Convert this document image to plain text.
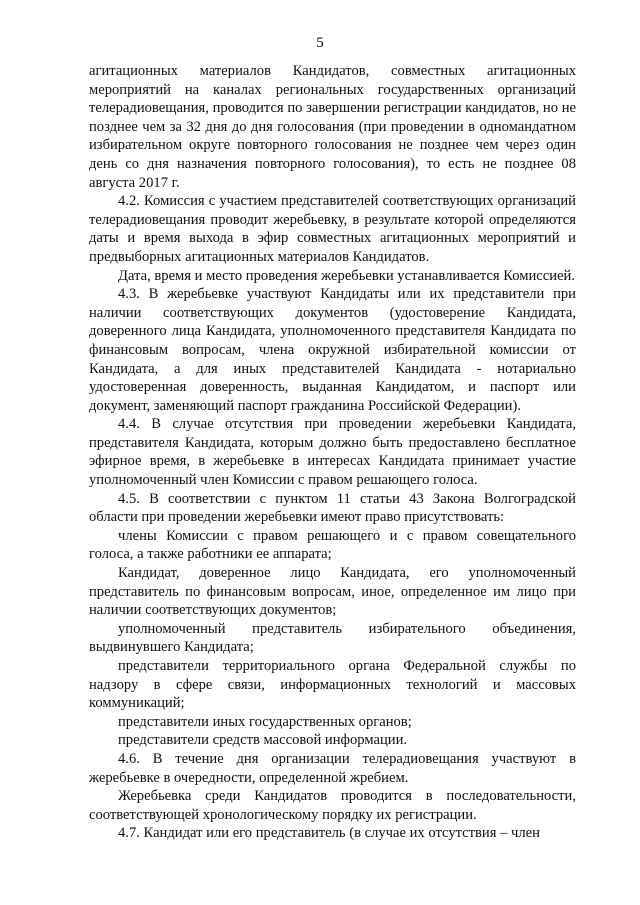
5

агитационных материалов Кандидатов, совместных агитационных мероприятий на каналах региональных государственных организаций телерадиовещания, проводится по завершении регистрации кандидатов, но не позднее чем за 32 дня до дня голосования (при проведении в одномандатном избирательном округе повторного голосования не позднее чем через один день со дня назначения повторного голосования), то есть не позднее 08 августа 2017 г.

4.2. Комиссия с участием представителей соответствующих организаций телерадиовещания проводит жеребьевку, в результате которой определяются даты и время выхода в эфир совместных агитационных мероприятий и предвыборных агитационных материалов Кандидатов.

Дата, время и место проведения жеребьевки устанавливается Комиссией.

4.3. В жеребьевке участвуют Кандидаты или их представители при наличии соответствующих документов (удостоверение Кандидата, доверенного лица Кандидата, уполномоченного представителя Кандидата по финансовым вопросам, члена окружной избирательной комиссии от Кандидата, а для иных представителей Кандидата - нотариально удостоверенная доверенность, выданная Кандидатом, и паспорт или документ, заменяющий паспорт гражданина Российской Федерации).

4.4. В случае отсутствия при проведении жеребьевки Кандидата, представителя Кандидата, которым должно быть предоставлено бесплатное эфирное время, в жеребьевке в интересах Кандидата принимает участие уполномоченный член Комиссии с правом решающего голоса.

4.5. В соответствии с пунктом 11 статьи 43 Закона Волгоградской области при проведении жеребьевки имеют право присутствовать:

члены Комиссии с правом решающего и с правом совещательного голоса, а также работники ее аппарата;

Кандидат, доверенное лицо Кандидата, его уполномоченный представитель по финансовым вопросам, иное, определенное им лицо при наличии соответствующих документов;

уполномоченный представитель избирательного объединения, выдвинувшего Кандидата;

представители территориального органа Федеральной службы по надзору в сфере связи, информационных технологий и массовых коммуникаций;

представители иных государственных органов;

представители средств массовой информации.

4.6. В течение дня организации телерадиовещания участвуют в жеребьевке в очередности, определенной жребием.

Жеребьевка среди Кандидатов проводится в последовательности, соответствующей хронологическому порядку их регистрации.

4.7. Кандидат или его представитель (в случае их отсутствия – член
